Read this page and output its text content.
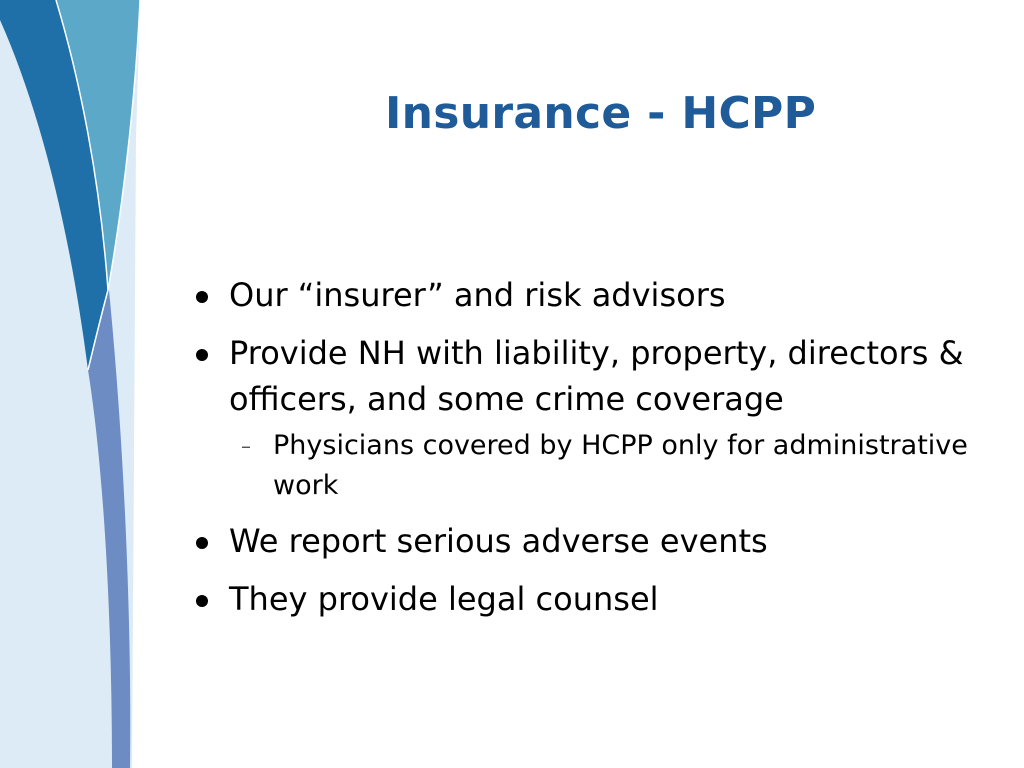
Insurance - HCPP
Our “insurer” and risk advisors
Provide NH with liability, property, directors & officers, and some crime coverage
– Physicians covered by HCPP only for administrative work
We report serious adverse events
They provide legal counsel
